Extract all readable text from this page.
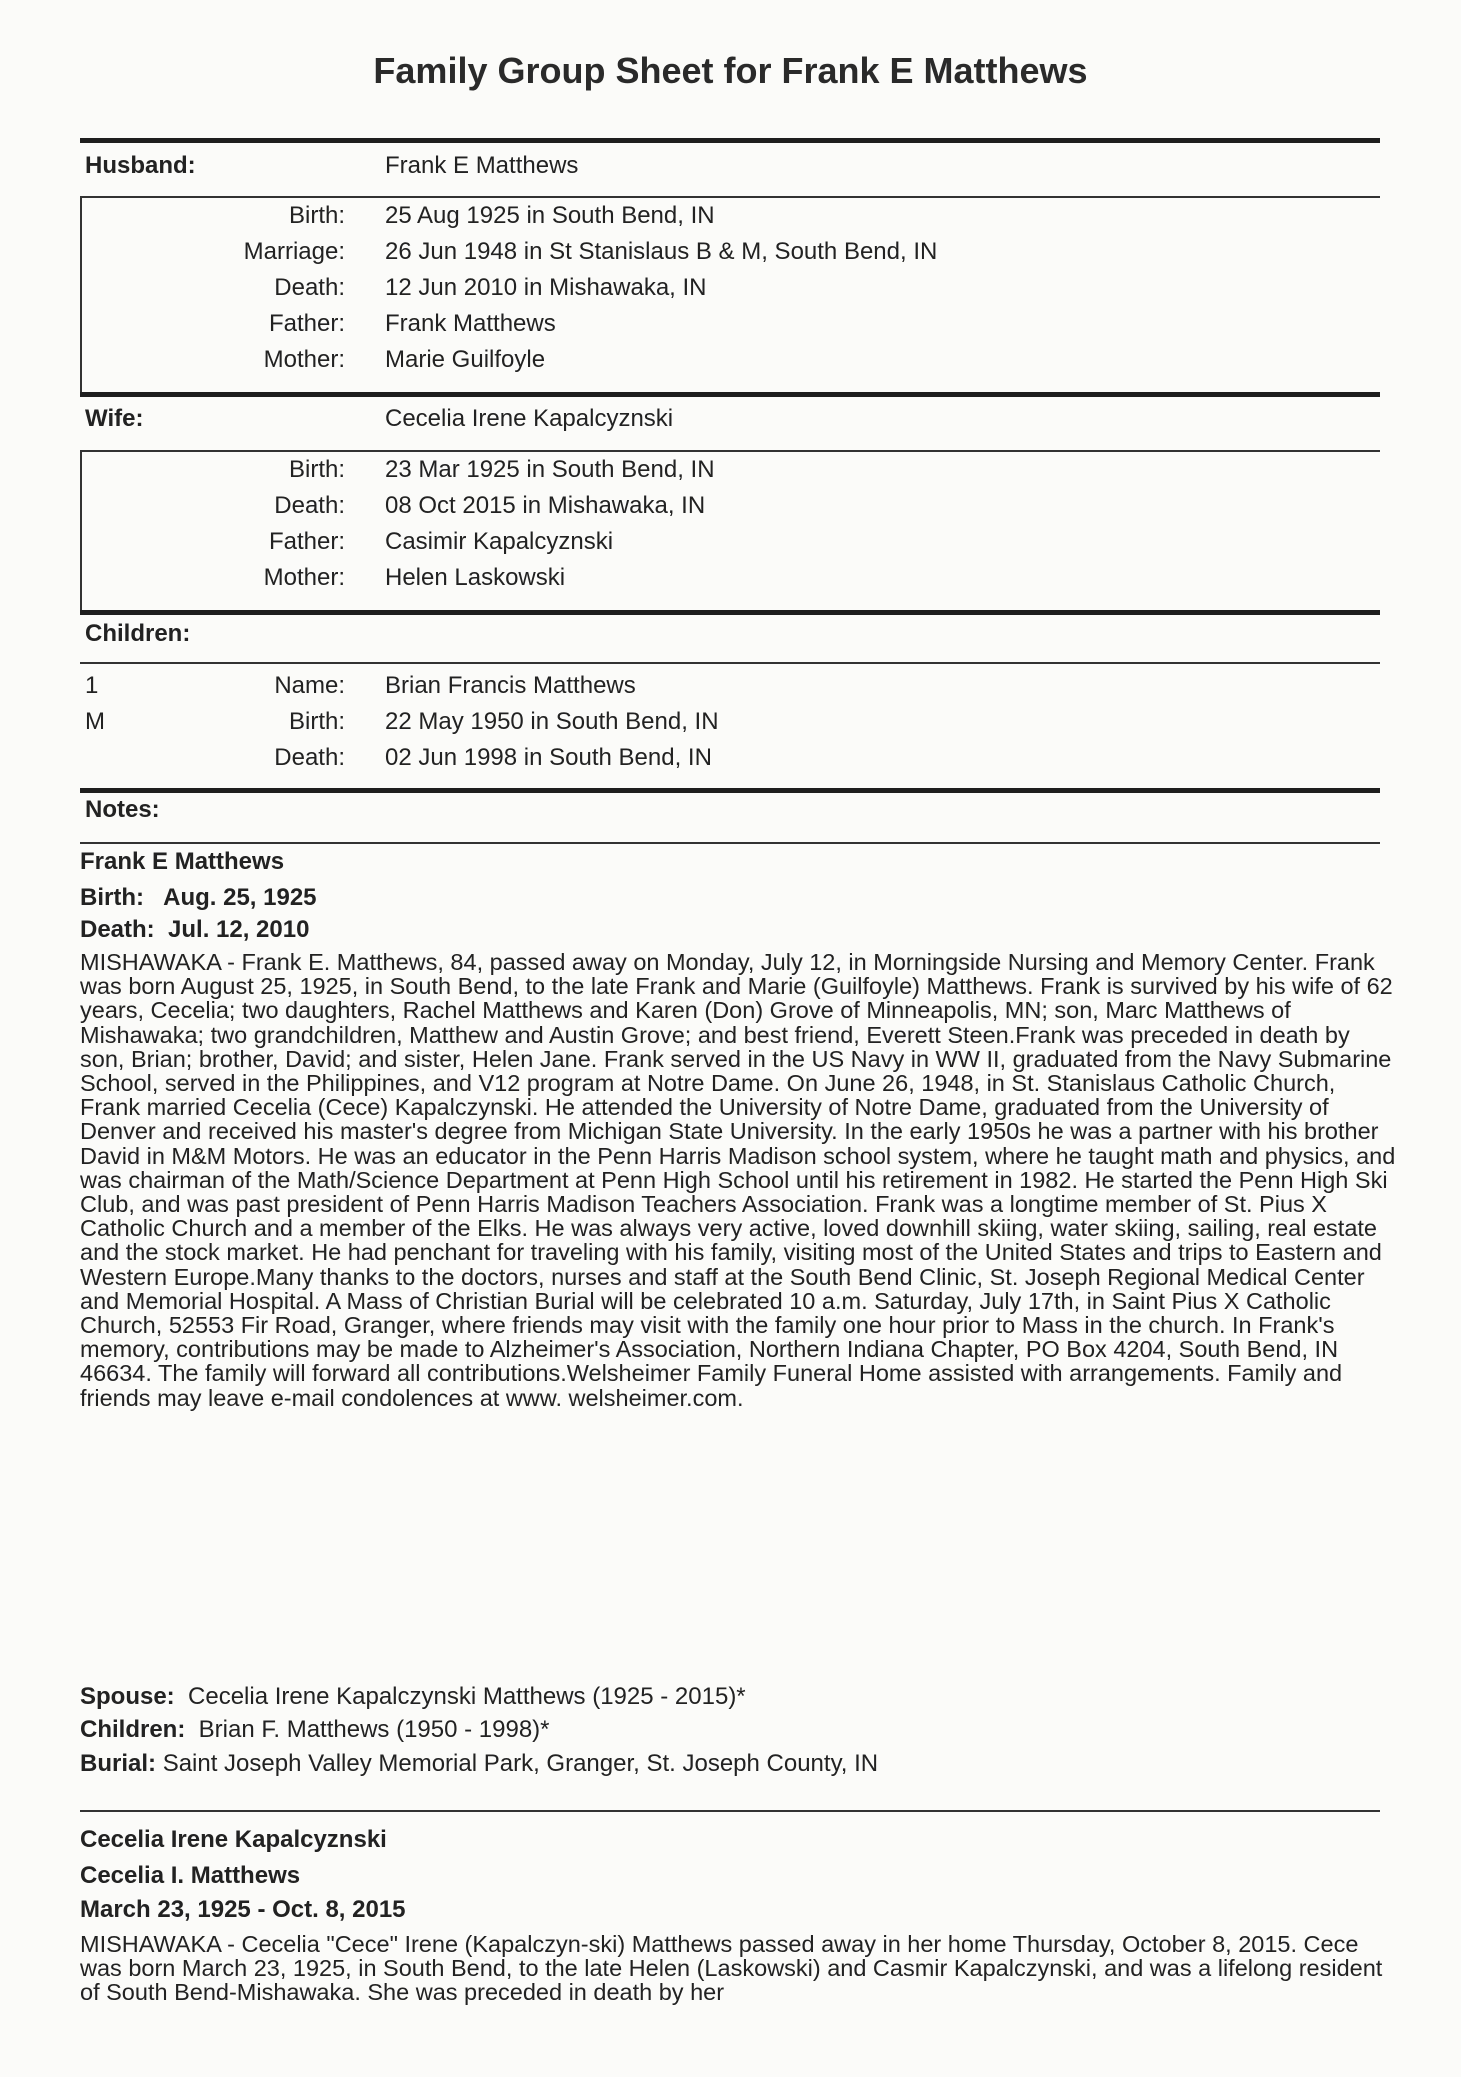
Family Group Sheet for Frank E Matthews
Husband:	Frank E Matthews
Birth: 25 Aug 1925 in South Bend, IN
Marriage: 26 Jun 1948 in St Stanislaus B & M, South Bend, IN
Death: 12 Jun 2010 in Mishawaka, IN
Father: Frank Matthews
Mother: Marie Guilfoyle
Wife:	Cecelia Irene Kapalcyznski
Birth: 23 Mar 1925 in South Bend, IN
Death: 08 Oct 2015 in Mishawaka, IN
Father: Casimir Kapalcyznski
Mother: Helen Laskowski
Children:
1
M
Name: Brian Francis Matthews
Birth: 22 May 1950 in South Bend, IN
Death: 02 Jun 1998 in South Bend, IN
Notes:
Frank E Matthews
Birth: Aug. 25, 1925
Death: Jul. 12, 2010

MISHAWAKA - Frank E. Matthews, 84, passed away on Monday, July 12, in Morningside Nursing and Memory Center. Frank was born August 25, 1925, in South Bend, to the late Frank and Marie (Guilfoyle) Matthews. Frank is survived by his wife of 62 years, Cecelia; two daughters, Rachel Matthews and Karen (Don) Grove of Minneapolis, MN; son, Marc Matthews of Mishawaka; two grandchildren, Matthew and Austin Grove; and best friend, Everett Steen.Frank was preceded in death by son, Brian; brother, David; and sister, Helen Jane. Frank served in the US Navy in WW II, graduated from the Navy Submarine School, served in the Philippines, and V12 program at Notre Dame. On June 26, 1948, in St. Stanislaus Catholic Church, Frank married Cecelia (Cece) Kapalczynski. He attended the University of Notre Dame, graduated from the University of Denver and received his master's degree from Michigan State University. In the early 1950s he was a partner with his brother David in M&M Motors. He was an educator in the Penn Harris Madison school system, where he taught math and physics, and was chairman of the Math/Science Department at Penn High School until his retirement in 1982. He started the Penn High Ski Club, and was past president of Penn Harris Madison Teachers Association. Frank was a longtime member of St. Pius X Catholic Church and a member of the Elks. He was always very active, loved downhill skiing, water skiing, sailing, real estate and the stock market. He had penchant for traveling with his family, visiting most of the United States and trips to Eastern and Western Europe.Many thanks to the doctors, nurses and staff at the South Bend Clinic, St. Joseph Regional Medical Center and Memorial Hospital. A Mass of Christian Burial will be celebrated 10 a.m. Saturday, July 17th, in Saint Pius X Catholic Church, 52553 Fir Road, Granger, where friends may visit with the family one hour prior to Mass in the church. In Frank's memory, contributions may be made to Alzheimer's Association, Northern Indiana Chapter, PO Box 4204, South Bend, IN 46634. The family will forward all contributions.Welsheimer Family Funeral Home assisted with arrangements. Family and friends may leave e-mail condolences at www. welsheimer.com.

Spouse: Cecelia Irene Kapalczynski Matthews (1925 - 2015)*
Children: Brian F. Matthews (1950 - 1998)*
Burial: Saint Joseph Valley Memorial Park, Granger, St. Joseph County, IN
Cecelia Irene Kapalcyznski
Cecelia I. Matthews
March 23, 1925 - Oct. 8, 2015

MISHAWAKA - Cecelia "Cece" Irene (Kapalczyn-ski) Matthews passed away in her home Thursday, October 8, 2015. Cece was born March 23, 1925, in South Bend, to the late Helen (Laskowski) and Casmir Kapalczynski, and was a lifelong resident of South Bend-Mishawaka. She was preceded in death by her
